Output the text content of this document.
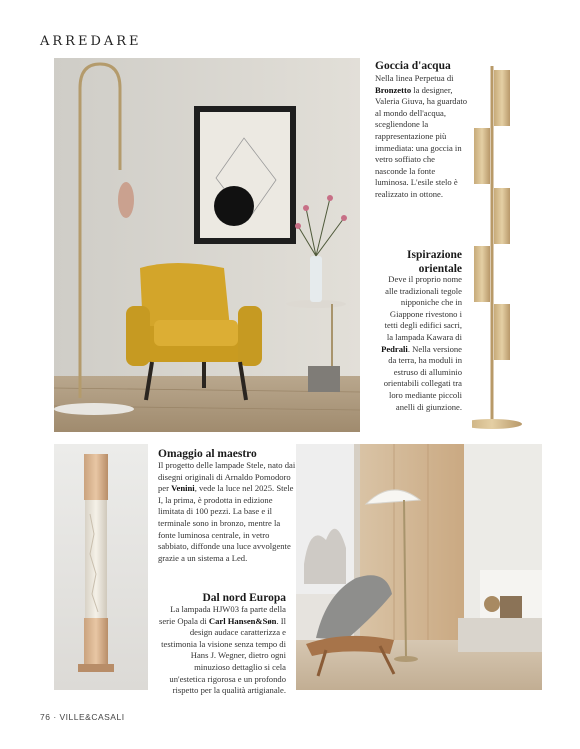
ARREDARE
Goccia d'acqua
Nella linea Perpetua di Bronzetto la designer, Valeria Giuva, ha guardato al mondo dell'acqua, scegliendone la rappresentazione più immediata: una goccia in vetro soffiato che nasconde la fonte luminosa. L'esile stelo è realizzato in ottone.
Ispirazione orientale
Deve il proprio nome alle tradizionali tegole nipponiche che in Giappone rivestono i tetti degli edifici sacri, la lampada Kawara di Pedrali. Nella versione da terra, ha moduli in estruso di alluminio orientabili collegati tra loro mediante piccoli anelli di giunzione.
Omaggio al maestro
Il progetto delle lampade Stele, nato dai disegni originali di Arnaldo Pomodoro per Venini, vede la luce nel 2025. Stele I, la prima, è prodotta in edizione limitata di 100 pezzi. La base e il terminale sono in bronzo, mentre la fonte luminosa centrale, in vetro sabbiato, diffonde una luce avvolgente grazie a un sistema a Led.
Dal nord Europa
La lampada HJW03 fa parte della serie Opala di Carl Hansen&Søn. Il design audace caratterizza e testimonia la visione senza tempo di Hans J. Wegner, dietro ogni minuzioso dettaglio si cela un'estetica rigorosa e un profondo rispetto per la qualità artigianale.
76 · VILLE&CASALI
